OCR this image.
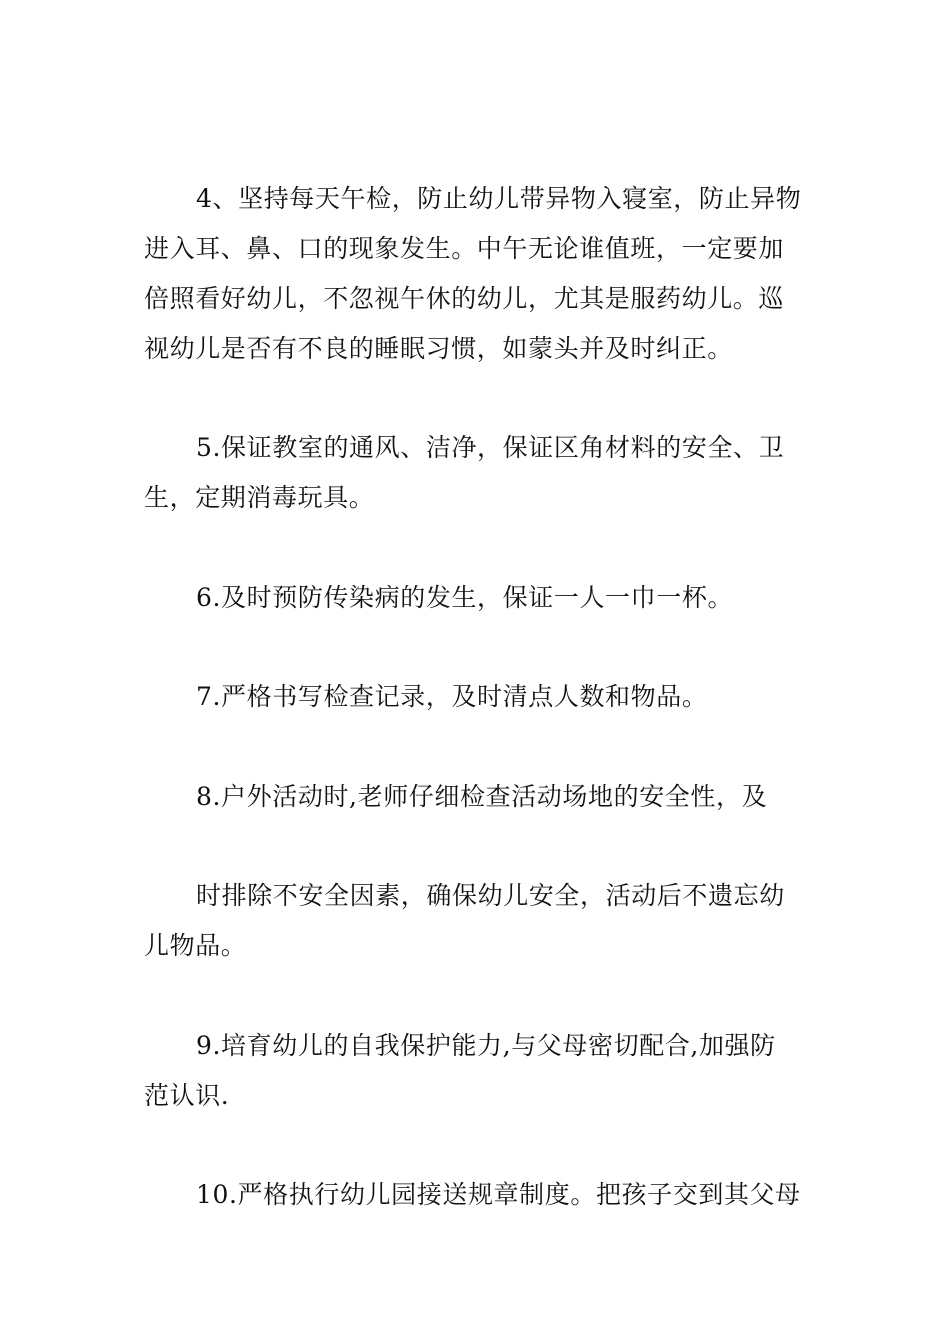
4、坚持每天午检，防止幼儿带异物入寝室，防止异物
进入耳、鼻、口的现象发生。中午无论谁值班，一定要加
倍照看好幼儿，不忽视午休的幼儿，尤其是服药幼儿。巡
视幼儿是否有不良的睡眠习惯，如蒙头并及时纠正。
5.保证教室的通风、洁净，保证区角材料的安全、卫
生，定期消毒玩具。
6.及时预防传染病的发生，保证一人一巾一杯。
7.严格书写检查记录，及时清点人数和物品。
8.户外活动时,老师仔细检查活动场地的安全性，及
时排除不安全因素，确保幼儿安全，活动后不遗忘幼
儿物品。
9.培育幼儿的自我保护能力,与父母密切配合,加强防
范认识.
10.严格执行幼儿园接送规章制度。把孩子交到其父母
